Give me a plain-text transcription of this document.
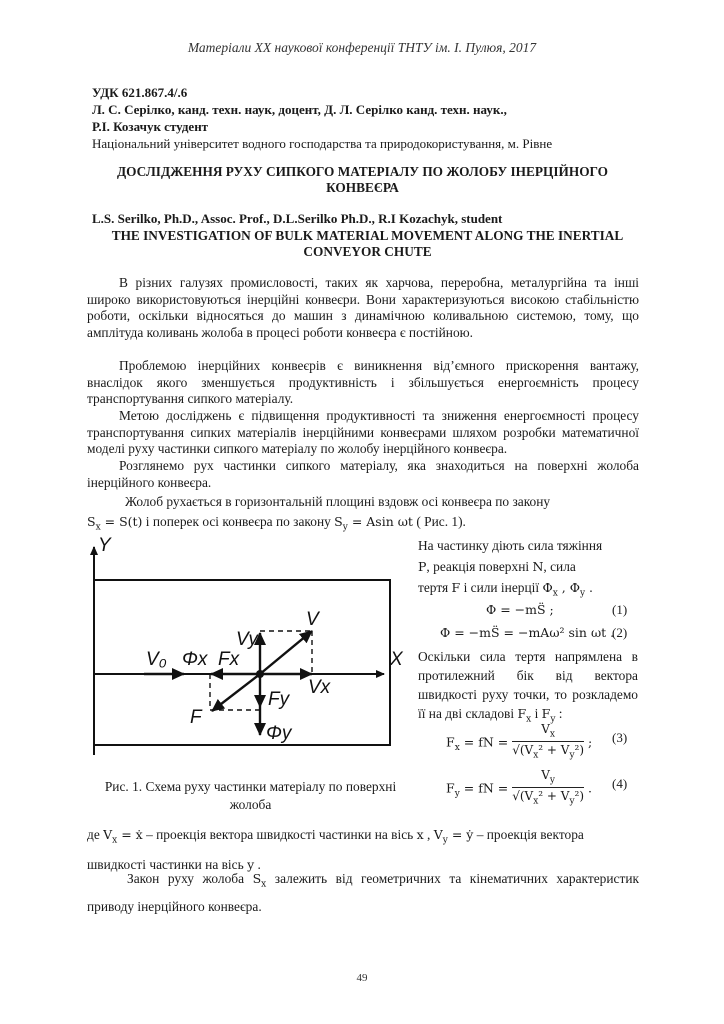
Матеріали XX наукової конференції ТНТУ ім. І. Пулюя, 2017
УДК 621.867.4/.6
Л. С. Серілко, канд. техн. наук, доцент, Д. Л. Серілко канд. техн. наук.,
Р.І. Козачук студент
Національний університет водного господарства та природокористування, м. Рівне
ДОСЛІДЖЕННЯ РУХУ СИПКОГО МАТЕРІАЛУ ПО ЖОЛОБУ ІНЕРЦІЙНОГО КОНВЕЄРА
L.S. Serilko, Ph.D., Assoc. Prof., D.L.Serilko Ph.D., R.I Kozachyk, student
THE INVESTIGATION OF BULK MATERIAL MOVEMENT ALONG THE INERTIAL CONVEYOR CHUTE
В різних галузях промисловості, таких як харчова, переробна, металургійна та інші широко використовуються інерційні конвеєри. Вони характеризуються високою стабільністю роботи, оскільки відносяться до машин з динамічною коливальною системою, тому, що амплітуда коливань жолоба в процесі роботи конвеєра є постійною.
Проблемою інерційних конвеєрів є виникнення від’ємного прискорення вантажу, внаслідок якого зменшується продуктивність і збільшується енергоємність процесу транспортування сипкого матеріалу.
Метою досліджень є підвищення продуктивності та зниження енергоємності процесу транспортування сипких матеріалів інерційними конвеєрами шляхом розробки математичної моделі руху частинки сипкого матеріалу по жолобу інерційного конвеєра.
Розглянемо рух частинки сипкого матеріалу, яка знаходиться на поверхні жолоба інерційного конвеєра.
Жолоб рухається в горизонтальній площині вздовж осі конвеєра по закону
$S_x = S(t)$ і поперек осі конвеєра по закону $S_y = Asin$ ωt ( Рис. 1).
Y
X
V₀ Φx Fx
Vy
V
Vx
Fy
F
Φy
Рис. 1. Схема руху частинки матеріалу по поверхні жолоба
На частинку діють сила тяжіння
P, реакція поверхні N, сила
тертя F і сили інерції $\Phi_x$ , $\Phi_y$ .
Φ = −mS̈ ;	(1)
Φ = −mS̈ = −mAω² sin ωt .
(2)
Оскільки сила тертя напрямлена в протилежний бік від вектора швидкості руху точки, то розкладемо її на дві складові $F_x$ і $F_y$ :
$F_x$ = fN = $\frac{V_x}{√(V_x^2 + V_y^2)}$ ; (3)
$F_y$ = fN = $\frac{V_y}{√(V_x^2 + V_y^2)}$ . (4)
де $V_x$ = ẋ – проекція вектора швидкості частинки на вісь x , $V_y$ = ẏ – проекція вектора
швидкості частинки на вісь y .
Закон руху жолоба $S_x$ залежить від геометричних та кінематичних характеристик приводу інерційного конвеєра.
49
